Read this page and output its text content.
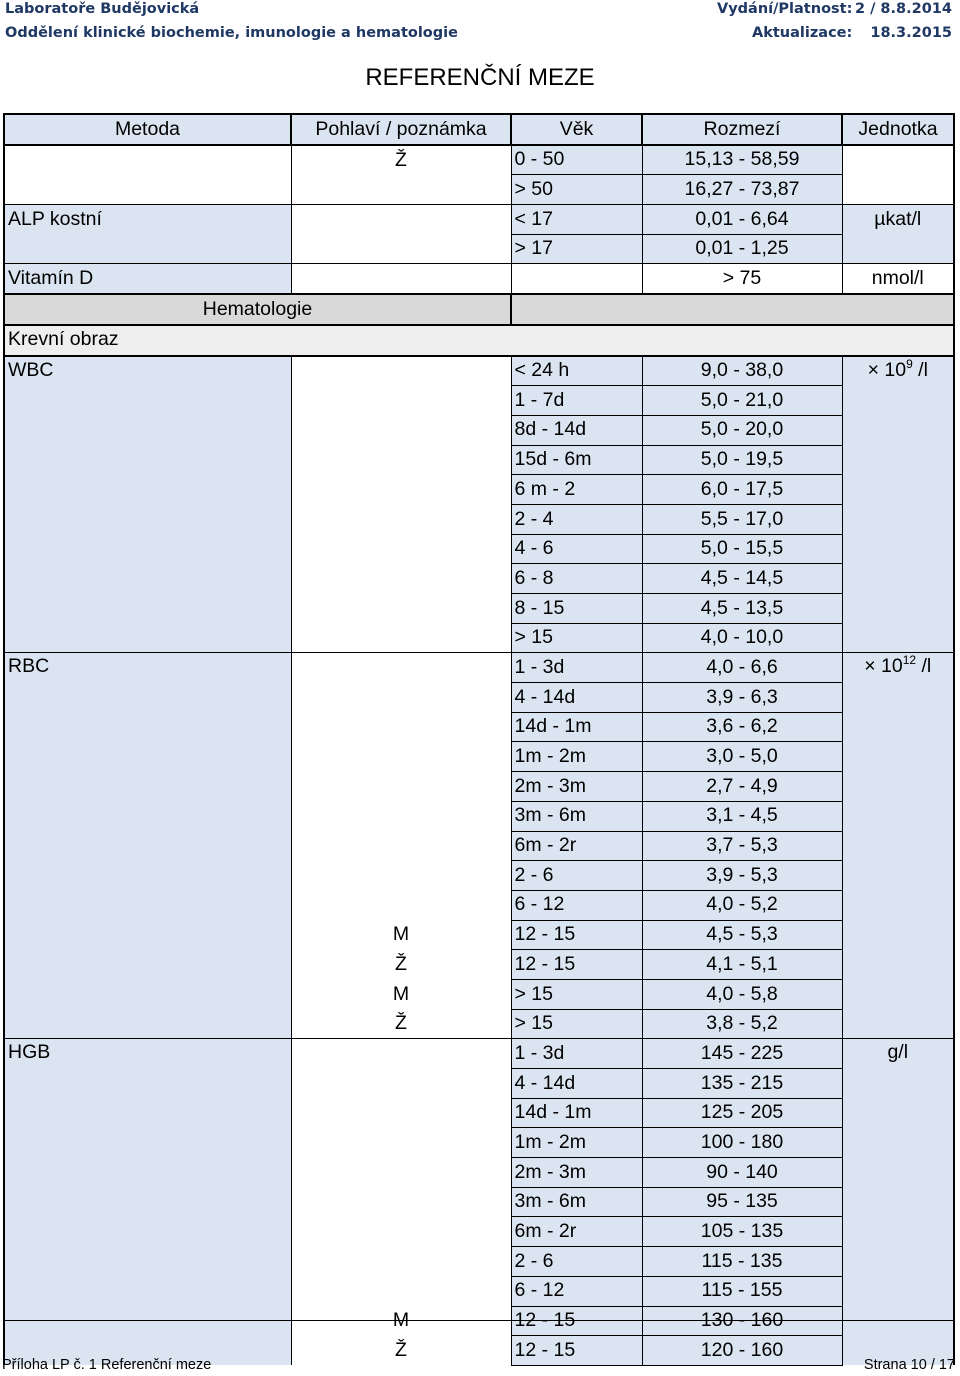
Laboratoře Budějovická
Oddělení klinické biochemie, imunologie a hematologie
Vydání/Platnost: 2 / 8.8.2014
Aktualizace: 18.3.2015
REFERENČNÍ MEZE
Metoda	Pohlaví / poznámka	Věk	Rozmezí	Jednotka
	Ž	0 - 50	15,13 - 58,59	
		> 50	16,27 - 73,87	
ALP kostní		< 17	0,01 - 6,64	µkat/l
		> 17	0,01 - 1,25	
Vitamín D			> 75	nmol/l
Hematologie				
Krevní obraz				
WBC		< 24 h	9,0 - 38,0	× $10^9$ /l
		1 - 7d	5,0 - 21,0	
		8d - 14d	5,0 - 20,0	
		15d - 6m	5,0 - 19,5	
		6 m - 2	6,0 - 17,5	
		2 - 4	5,5 - 17,0	
		4 - 6	5,0 - 15,5	
		6 - 8	4,5 - 14,5	
		8 - 15	4,5 - 13,5	
		> 15	4,0 - 10,0	
RBC		1 - 3d	4,0 - 6,6	× $10^{12}$ /l
		4 - 14d	3,9 - 6,3	
		14d - 1m	3,6 - 6,2	
		1m - 2m	3,0 - 5,0	
		2m - 3m	2,7 - 4,9	
		3m - 6m	3,1 - 4,5	
		6m - 2r	3,7 - 5,3	
		2 - 6	3,9 - 5,3	
		6 - 12	4,0 - 5,2	
	M	12 - 15	4,5 - 5,3	
	Ž	12 - 15	4,1 - 5,1	
	M	> 15	4,0 - 5,8	
	Ž	> 15	3,8 - 5,2	
HGB		1 - 3d	145 - 225	g/l
		4 - 14d	135 - 215	
		14d - 1m	125 - 205	
		1m - 2m	100 - 180	
		2m - 3m	90 - 140	
		3m - 6m	95 - 135	
		6m - 2r	105 - 135	
		2 - 6	115 - 135	
		6 - 12	115 - 155	
	M	12 - 15	130 - 160	
	Ž	12 - 15	120 - 160	
Příloha LP č. 1 Referenční meze	Strana 10 / 17
